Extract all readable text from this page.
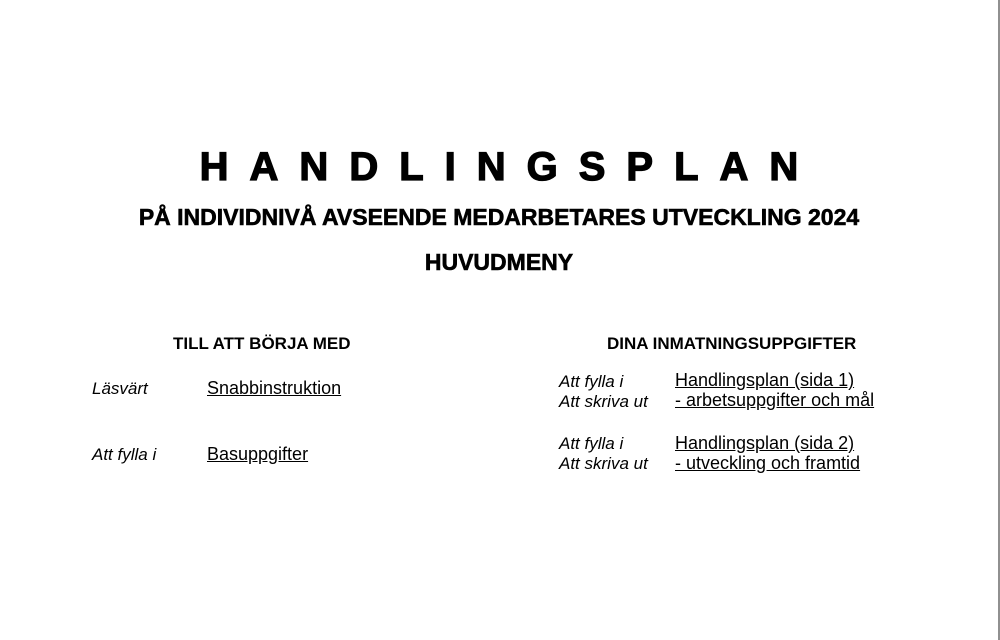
HANDLINGSPLAN
PÅ INDIVIDNIVÅ AVSEENDE MEDARBETARES UTVECKLING 2024
HUVUDMENY
TILL ATT BÖRJA MED
Läsvärt	Snabbinstruktion
Att fylla i	Basuppgifter
DINA INMATNINGSUPPGIFTER
Att fylla i
Att skriva ut
Handlingsplan (sida 1)
- arbetsuppgifter och mål
Att fylla i
Att skriva ut
Handlingsplan (sida 2)
- utveckling och framtid
